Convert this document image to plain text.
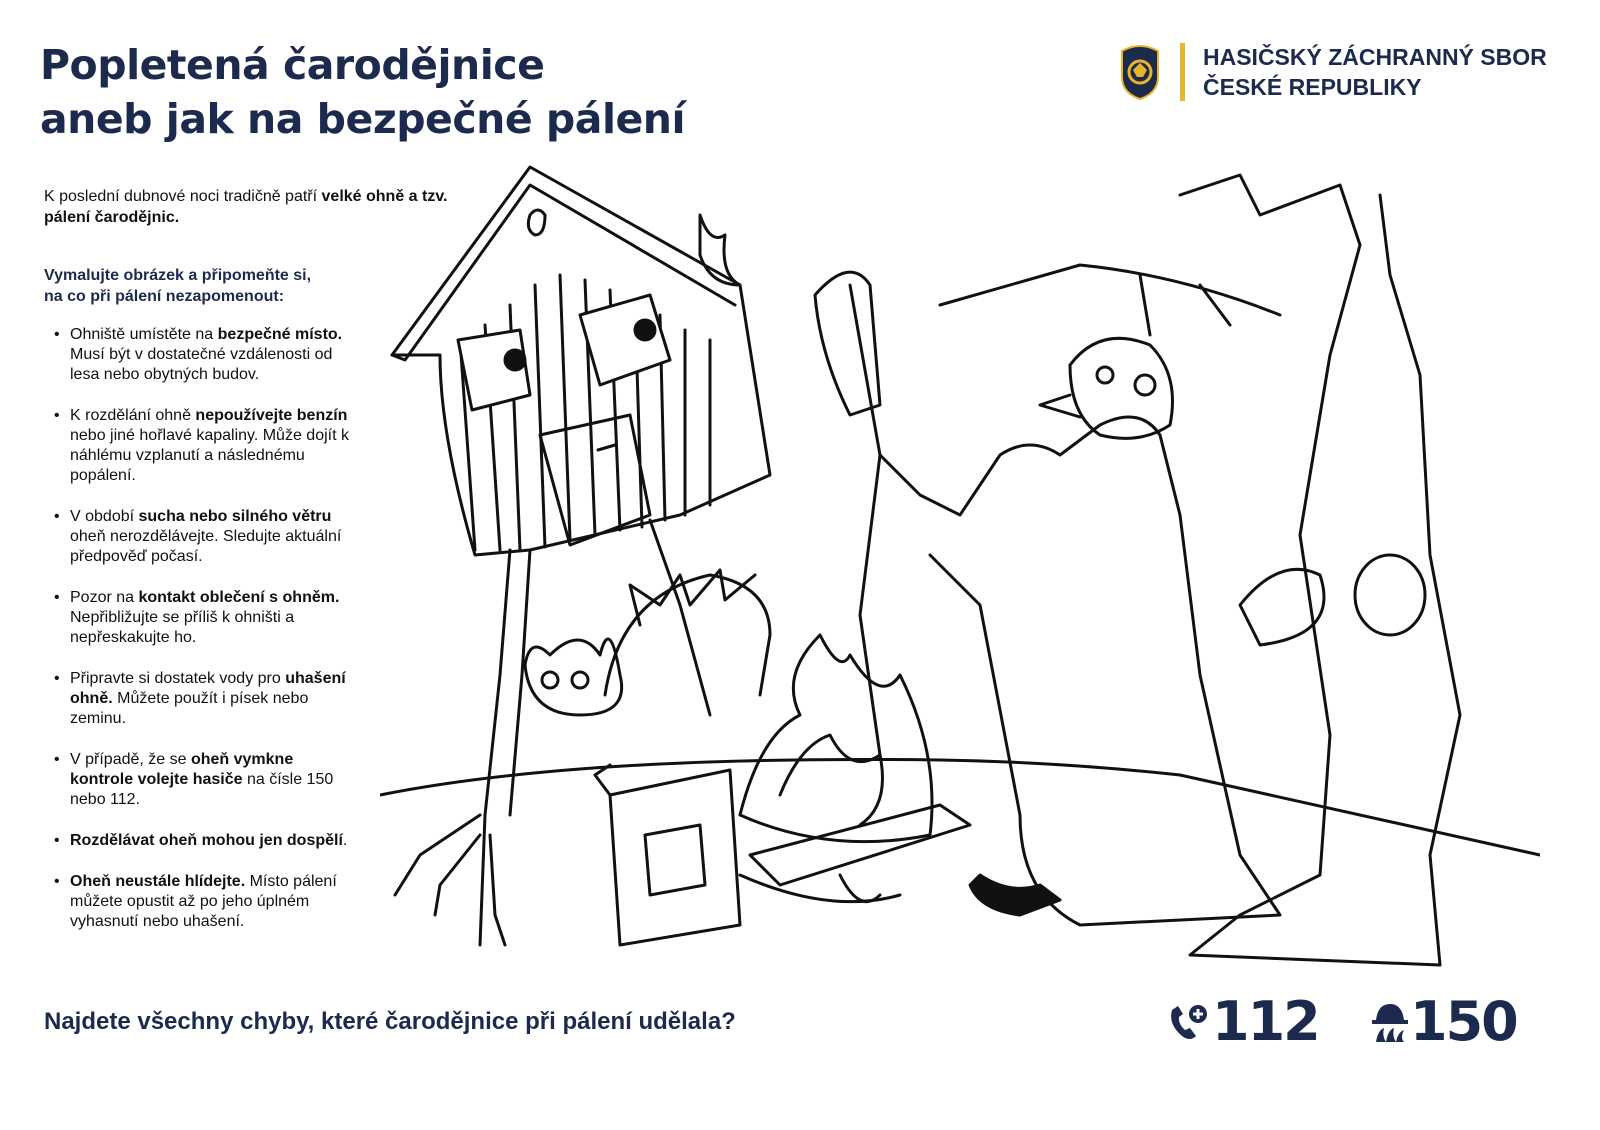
Popletená čarodějnice
aneb jak na bezpečné pálení
HASIČSKÝ ZÁCHRANNÝ SBOR
ČESKÉ REPUBLIKY
K poslední dubnové noci tradičně patří velké ohně a tzv. pálení čarodějnic.
Vymalujte obrázek a připomeňte si,
na co při pálení nezapomenout:
• Ohniště umístěte na bezpečné místo. Musí být v dostatečné vzdálenosti od lesa nebo obytných budov.
• K rozdělání ohně nepoužívejte benzín nebo jiné hořlavé kapaliny. Může dojít k náhlému vzplanutí a následnému popálení.
• V období sucha nebo silného větru oheň nerozdělávejte. Sledujte aktuální předpověď počasí.
• Pozor na kontakt oblečení s ohněm. Nepřibližujte se příliš k ohništi a nepřeskakujte ho.
• Připravte si dostatek vody pro uhašení ohně. Můžete použít i písek nebo zeminu.
• V případě, že se oheň vymkne kontrole volejte hasiče na čísle 150 nebo 112.
• Rozdělávat oheň mohou jen dospělí.
• Oheň neustále hlídejte. Místo pálení můžete opustit až po jeho úplném vyhasnutí nebo uhašení.
Najdete všechny chyby, které čarodějnice při pálení udělala?	112 150
